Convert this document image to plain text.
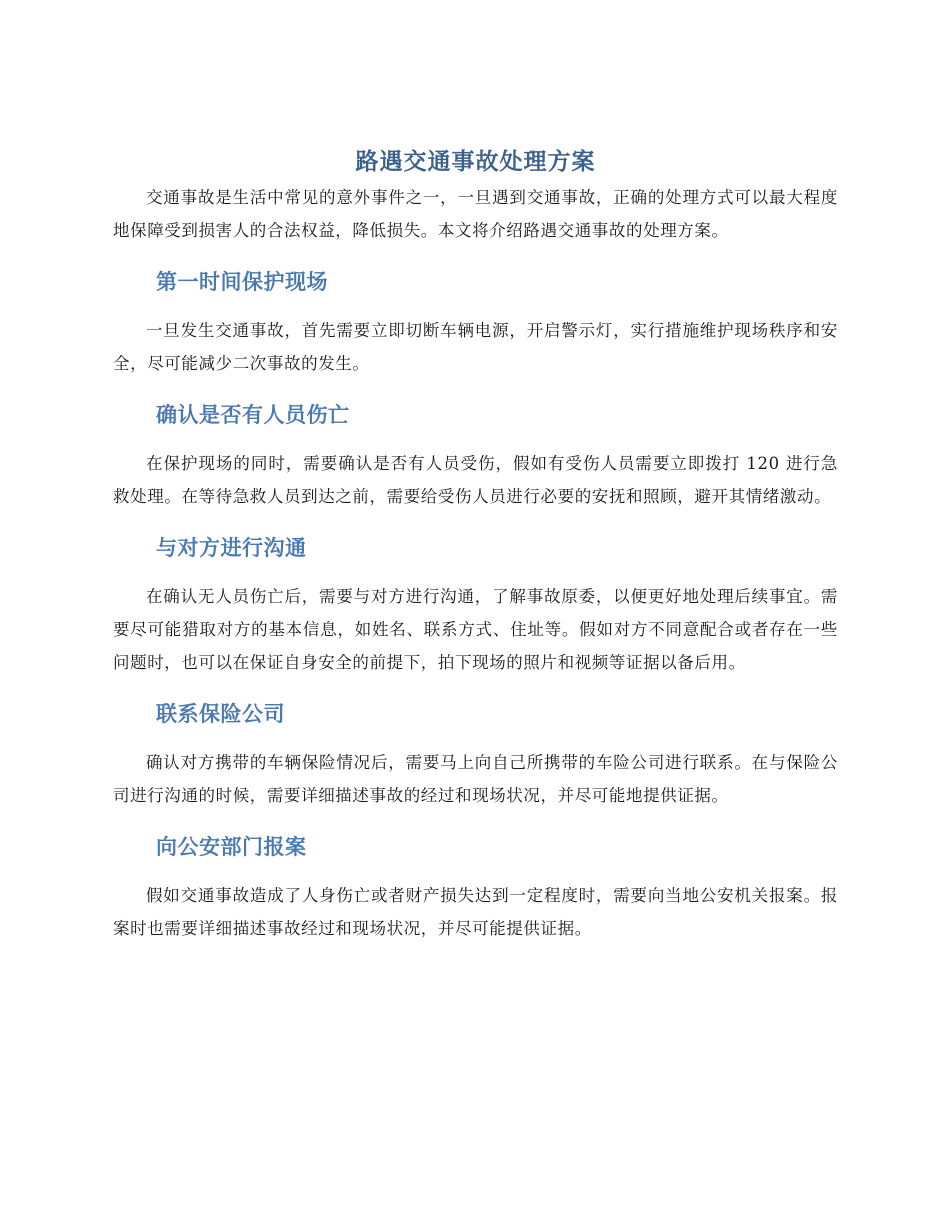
路遇交通事故处理方案

交通事故是生活中常见的意外事件之一，一旦遇到交通事故，正确的处理方式可以最大程度地保障受到损害人的合法权益，降低损失。本文将介绍路遇交通事故的处理方案。

第一时间保护现场

一旦发生交通事故，首先需要立即切断车辆电源，开启警示灯，实行措施维护现场秩序和安全，尽可能减少二次事故的发生。

确认是否有人员伤亡

在保护现场的同时，需要确认是否有人员受伤，假如有受伤人员需要立即拨打 120 进行急救处理。在等待急救人员到达之前，需要给受伤人员进行必要的安抚和照顾，避开其情绪激动。

与对方进行沟通

在确认无人员伤亡后，需要与对方进行沟通，了解事故原委，以便更好地处理后续事宜。需要尽可能猎取对方的基本信息，如姓名、联系方式、住址等。假如对方不同意配合或者存在一些问题时，也可以在保证自身安全的前提下，拍下现场的照片和视频等证据以备后用。

联系保险公司

确认对方携带的车辆保险情况后，需要马上向自己所携带的车险公司进行联系。在与保险公司进行沟通的时候，需要详细描述事故的经过和现场状况，并尽可能地提供证据。

向公安部门报案

假如交通事故造成了人身伤亡或者财产损失达到一定程度时，需要向当地公安机关报案。报案时也需要详细描述事故经过和现场状况，并尽可能提供证据。
